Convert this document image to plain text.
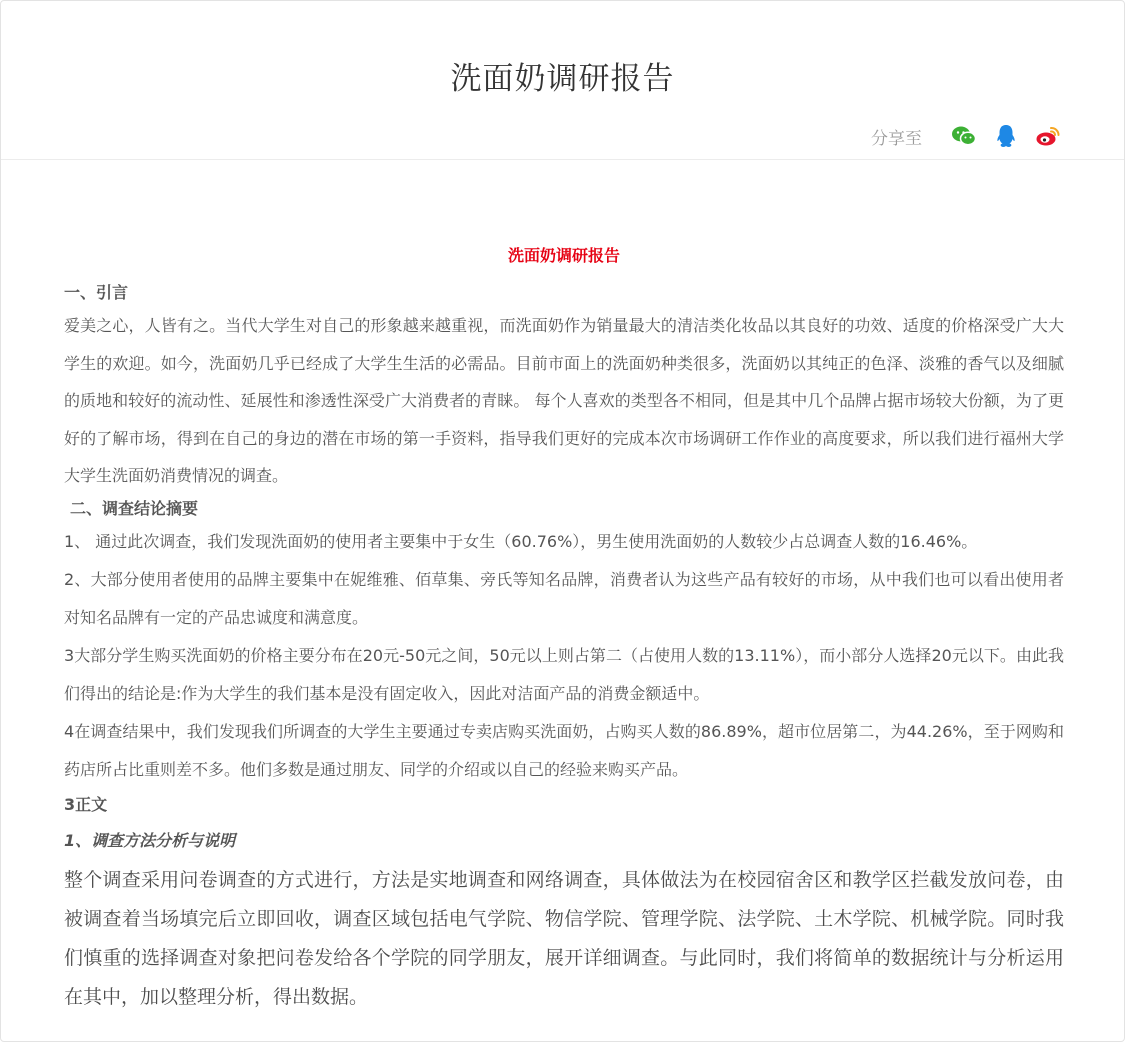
洗面奶调研报告
分享至
洗面奶调研报告
一、引言
爱美之心，人皆有之。当代大学生对自己的形象越来越重视，而洗面奶作为销量最大的清洁类化妆品以其良好的功效、适度的价格深受广大大学生的欢迎。如今，洗面奶几乎已经成了大学生生活的必需品。目前市面上的洗面奶种类很多，洗面奶以其纯正的色泽、淡雅的香气以及细腻的质地和较好的流动性、延展性和渗透性深受广大消费者的青睐。 每个人喜欢的类型各不相同，但是其中几个品牌占据市场较大份额，为了更好的了解市场，得到在自己的身边的潜在市场的第一手资料，指导我们更好的完成本次市场调研工作作业的高度要求，所以我们进行福州大学大学生洗面奶消费情况的调查。
二、调查结论摘要
1、 通过此次调查，我们发现洗面奶的使用者主要集中于女生（60.76%），男生使用洗面奶的人数较少占总调查人数的16.46%。
2、大部分使用者使用的品牌主要集中在妮维雅、佰草集、旁氏等知名品牌，消费者认为这些产品有较好的市场，从中我们也可以看出使用者对知名品牌有一定的产品忠诚度和满意度。
3大部分学生购买洗面奶的价格主要分布在20元-50元之间，50元以上则占第二（占使用人数的13.11%），而小部分人选择20元以下。由此我们得出的结论是:作为大学生的我们基本是没有固定收入，因此对洁面产品的消费金额适中。
4在调查结果中，我们发现我们所调查的大学生主要通过专卖店购买洗面奶，占购买人数的86.89%，超市位居第二，为44.26%，至于网购和药店所占比重则差不多。他们多数是通过朋友、同学的介绍或以自己的经验来购买产品。
3正文
1、调查方法分析与说明
整个调查采用问卷调查的方式进行，方法是实地调查和网络调查，具体做法为在校园宿舍区和教学区拦截发放问卷，由被调查着当场填完后立即回收，调查区域包括电气学院、物信学院、管理学院、法学院、土木学院、机械学院。同时我们慎重的选择调查对象把问卷发给各个学院的同学朋友，展开详细调查。与此同时，我们将简单的数据统计与分析运用在其中，加以整理分析，得出数据。
